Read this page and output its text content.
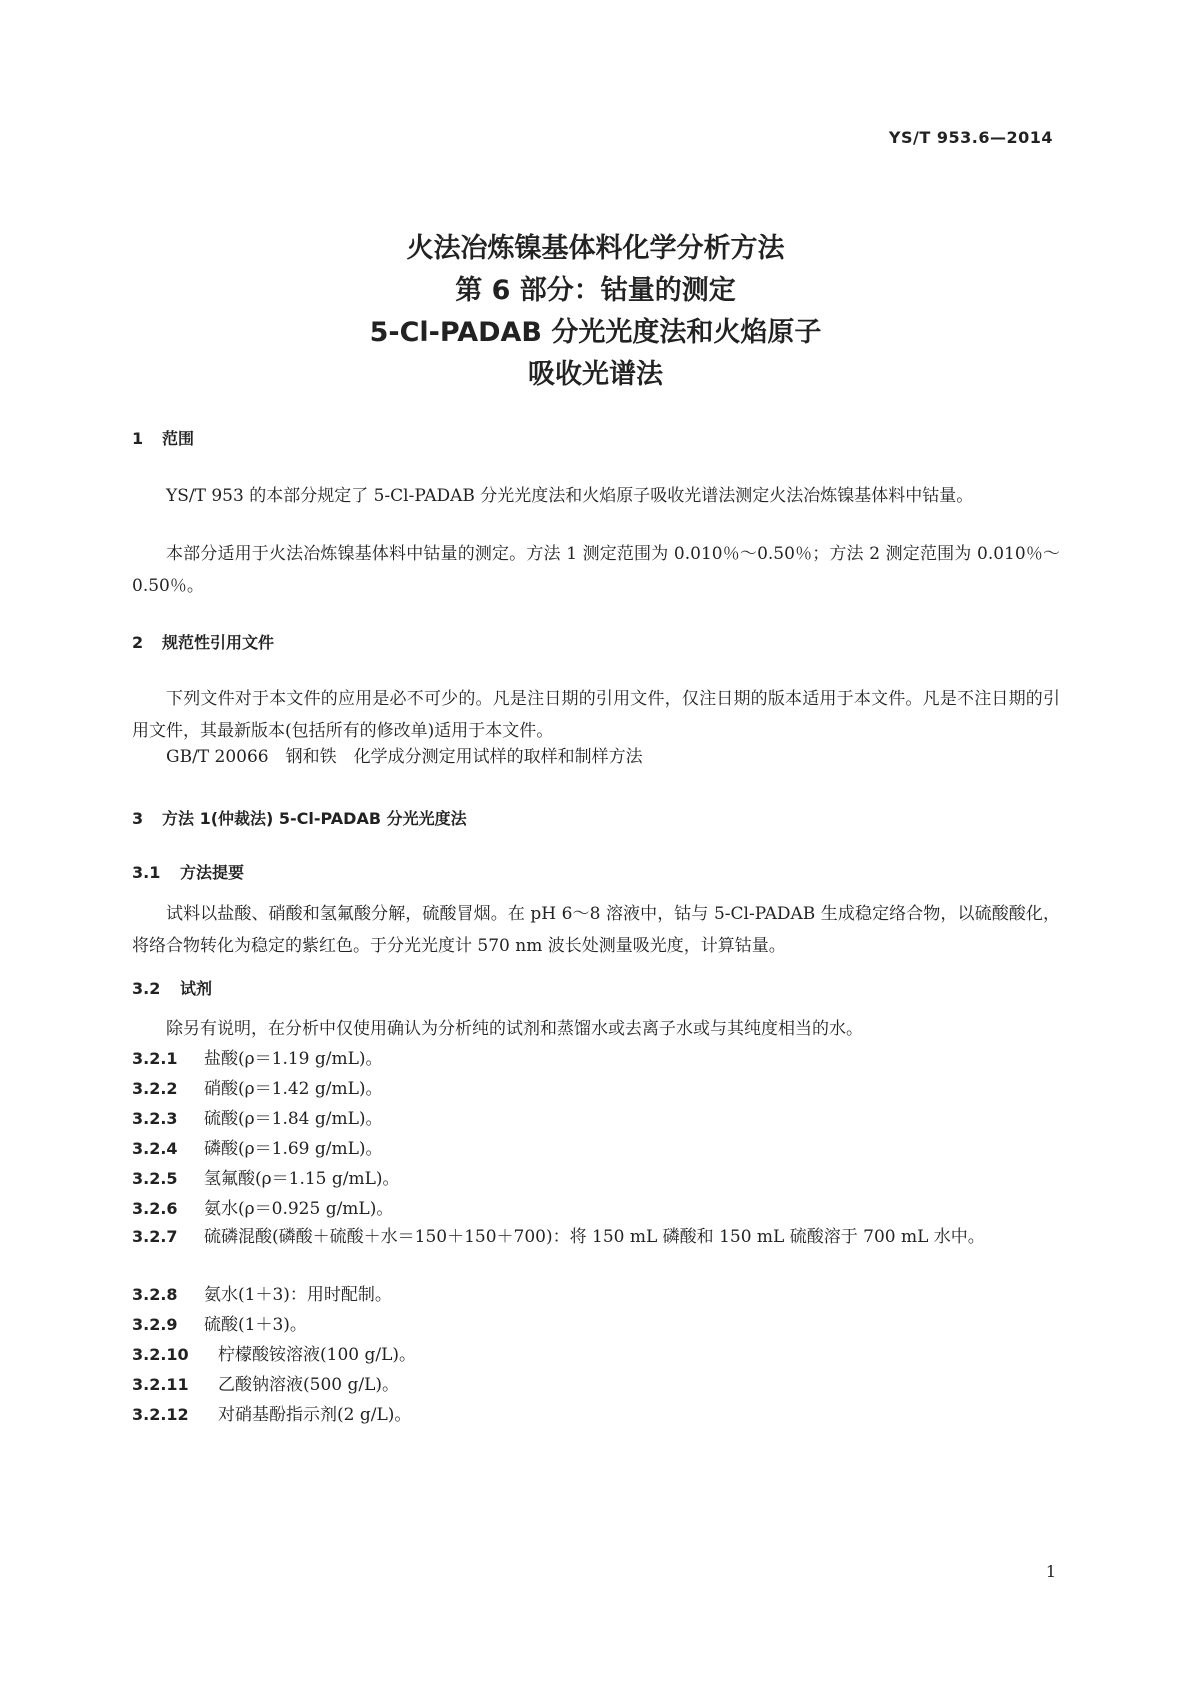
YS/T 953.6—2014
火法冶炼镍基体料化学分析方法
第 6 部分：钴量的测定
5-Cl-PADAB 分光光度法和火焰原子
吸收光谱法
1 范围
YS/T 953 的本部分规定了 5-Cl-PADAB 分光光度法和火焰原子吸收光谱法测定火法冶炼镍基体料中钴量。
本部分适用于火法冶炼镍基体料中钴量的测定。方法 1 测定范围为 0.010％～0.50％；方法 2 测定范围为 0.010％～0.50％。
2 规范性引用文件
下列文件对于本文件的应用是必不可少的。凡是注日期的引用文件，仅注日期的版本适用于本文件。凡是不注日期的引用文件，其最新版本(包括所有的修改单)适用于本文件。
GB/T 20066　钢和铁　化学成分测定用试样的取样和制样方法
3 方法 1(仲裁法) 5-Cl-PADAB 分光光度法
3.1 方法提要
试料以盐酸、硝酸和氢氟酸分解，硫酸冒烟。在 pH 6～8 溶液中，钴与 5-Cl-PADAB 生成稳定络合物，以硫酸酸化，将络合物转化为稳定的紫红色。于分光光度计 570 nm 波长处测量吸光度，计算钴量。
3.2 试剂
除另有说明，在分析中仅使用确认为分析纯的试剂和蒸馏水或去离子水或与其纯度相当的水。
3.2.1 盐酸(ρ＝1.19 g/mL)。
3.2.2 硝酸(ρ＝1.42 g/mL)。
3.2.3 硫酸(ρ＝1.84 g/mL)。
3.2.4 磷酸(ρ＝1.69 g/mL)。
3.2.5 氢氟酸(ρ＝1.15 g/mL)。
3.2.6 氨水(ρ＝0.925 g/mL)。
3.2.7 硫磷混酸(磷酸＋硫酸＋水＝150＋150＋700)：将 150 mL 磷酸和 150 mL 硫酸溶于 700 mL 水中。
3.2.8 氨水(1＋3)：用时配制。
3.2.9 硫酸(1＋3)。
3.2.10 柠檬酸铵溶液(100 g/L)。
3.2.11 乙酸钠溶液(500 g/L)。
3.2.12 对硝基酚指示剂(2 g/L)。
1
